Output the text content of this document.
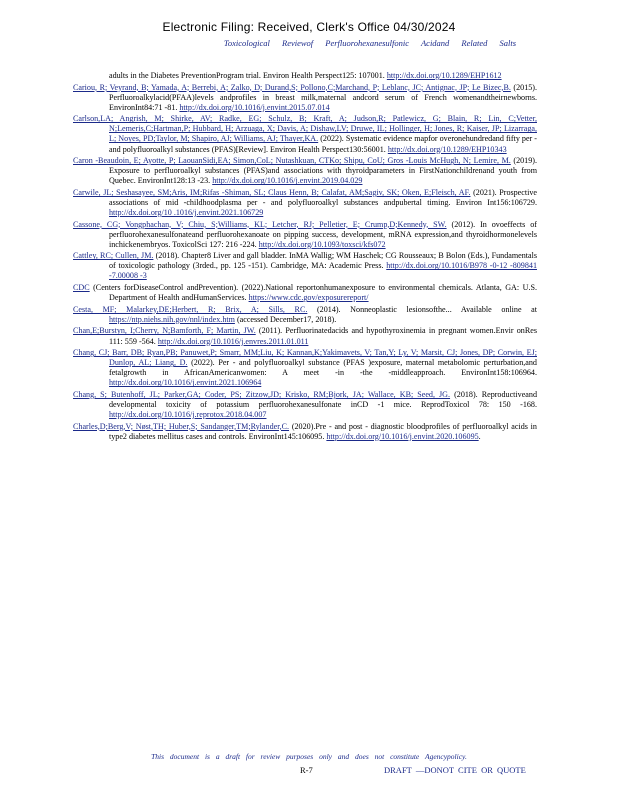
Electronic Filing: Received, Clerk's Office 04/30/2024
Toxicological Reviewof Perfluorohexanesulfonic Acidand Related Salts

adults in the Diabetes PreventionProgram trial. Environ Health Perspect125: 107001. http://dx.doi.org/10.1289/EHP1612

Cariou, R; Veyrand, B; Yamada, A; Berrebi, A; Zalko, D; Durand,S; Pollono,C;Marchand, P; Leblanc, JC; Antignac, JP; Le Bizec,B. (2015). Perfluoroalkylacid(PFAA)levels andprofiles in breast milk,maternal andcord serum of French womenandtheirnewborns. EnvironInt84:71 -81. http://dx.doi.org/10.1016/j.envint.2015.07.014

Carlson,LA; Angrish, M; Shirke, AV; Radke, EG; Schulz, B; Kraft, A; Judson,R; Patlewicz, G; Blain, R; Lin, C;Vetter, N;Lemeris,C;Hartman,P; Hubbard, H; Arzuaga, X; Davis, A; Dishaw,LV; Druwe, IL; Hollinger, H; Jones, R; Kaiser, JP; Lizarraga, L; Noyes, PD;Taylor, M; Shapiro, AJ; Williams, AJ; Thayer,KA. (2022). Systematic evidence mapfor overonehundredand fifty per - and polyfluoroalkyl substances (PFAS)[Review]. Environ Health Perspect130:56001. http://dx.doi.org/10.1289/EHP10343

Caron -Beaudoin, E; Ayotte, P; LaouanSidi,EA; Simon,CoL; Nutashkuan, CTKo; Shipu, CoU; Gros -Louis McHugh, N; Lemire, M. (2019). Exposure to perfluoroalkyl substances (PFAS)and associations with thyroidparameters in FirstNationchildrenand youth from Quebec. EnvironInt128:13 -23. http://dx.doi.org/10.1016/j.envint.2019.04.029

Carwile, JL; Seshasayee, SM;Aris, IM;Rifas -Shiman, SL; Claus Henn, B; Calafat, AM;Sagiv, SK; Oken, E;Fleisch, AF. (2021). Prospective associations of mid -childhoodplasma per - and polyfluoroalkyl substances andpubertal timing. Environ Int156:106729. http://dx.doi.org/10 .1016/j.envint.2021.106729

Cassone, CG; Vongphachan, V; Chiu, S;Williams, KL; Letcher, RJ; Pelletier, E; Crump,D;Kennedy, SW. (2012). In ovoeffects of perfluorohexanesulfonateand perfluorohexanoate on pipping success, development, mRNA expression,and thyroidhormonelevels inchickenembryos. ToxicolSci 127: 216 -224. http://dx.doi.org/10.1093/toxsci/kfs072

Cattley, RC; Cullen, JM. (2018). Chapter8 Liver and gall bladder. InMA Wallig; WM Haschek; CG Rousseaux; B Bolon (Eds.), Fundamentals of toxicologic pathology (3rded., pp. 125 -151). Cambridge, MA: Academic Press. http://dx.doi.org/10.1016/B978 -0-12 -809841 -7.00008 -3

CDC (Centers forDiseaseControl andPrevention). (2022).National reportonhumanexposure to environmental chemicals. Atlanta, GA: U.S. Department of Health andHumanServices. https://www.cdc.gov/exposurereport/

Cesta, MF; Malarkey,DE;Herbert, R; Brix, A; Sills, RC. (2014). Nonneoplastic lesionsofthe... Available online at https://ntp.niehs.nih.gov/nnl/index.htm (accessed December17, 2018).

Chan,E;Burstyn, I;Cherry, N;Bamforth, F; Martin, JW. (2011). Perfluorinatedacids and hypothyroxinemia in pregnant women.Envir onRes 111: 559 -564. http://dx.doi.org/10.1016/j.envres.2011.01.011

Chang, CJ; Barr, DB; Ryan,PB; Panuwet,P; Smarr, MM;Liu, K; Kannan,K;Yakimavets, V; Tan,Y; Ly, V; Marsit, CJ; Jones, DP; Corwin, EJ; Dunlop, AL; Liang, D. (2022). Per - and polyfluoroalkyl substance (PFAS )exposure, maternal metabolomic perturbation,and fetalgrowth in AfricanAmericanwomen: A meet -in -the -middleapproach. EnvironInt158:106964. http://dx.doi.org/10.1016/j.envint.2021.106964

Chang, S; Butenhoff, JL; Parker,GA; Coder, PS; Zitzow,JD; Krisko, RM;Bjork, JA; Wallace, KB; Seed, JG. (2018). Reproductiveand developmental toxicity of potassium perfluorohexanesulfonate inCD -1 mice. ReprodToxicol 78: 150 -168. http://dx.doi.org/10.1016/j.reprotox.2018.04.007

Charles,D;Berg,V; Nøst,TH; Huber,S; Sandanger,TM;Rylander,C. (2020).Pre - and post - diagnostic bloodprofiles of perfluoroalkyl acids in type2 diabetes mellitus cases and controls. EnvironInt145:106095. http://dx.doi.org/10.1016/j.envint.2020.106095.

This document is a draft for review purposes only and does not constitute Agencypolicy.
R-7	DRAFT —DONOT CITE OR QUOTE
